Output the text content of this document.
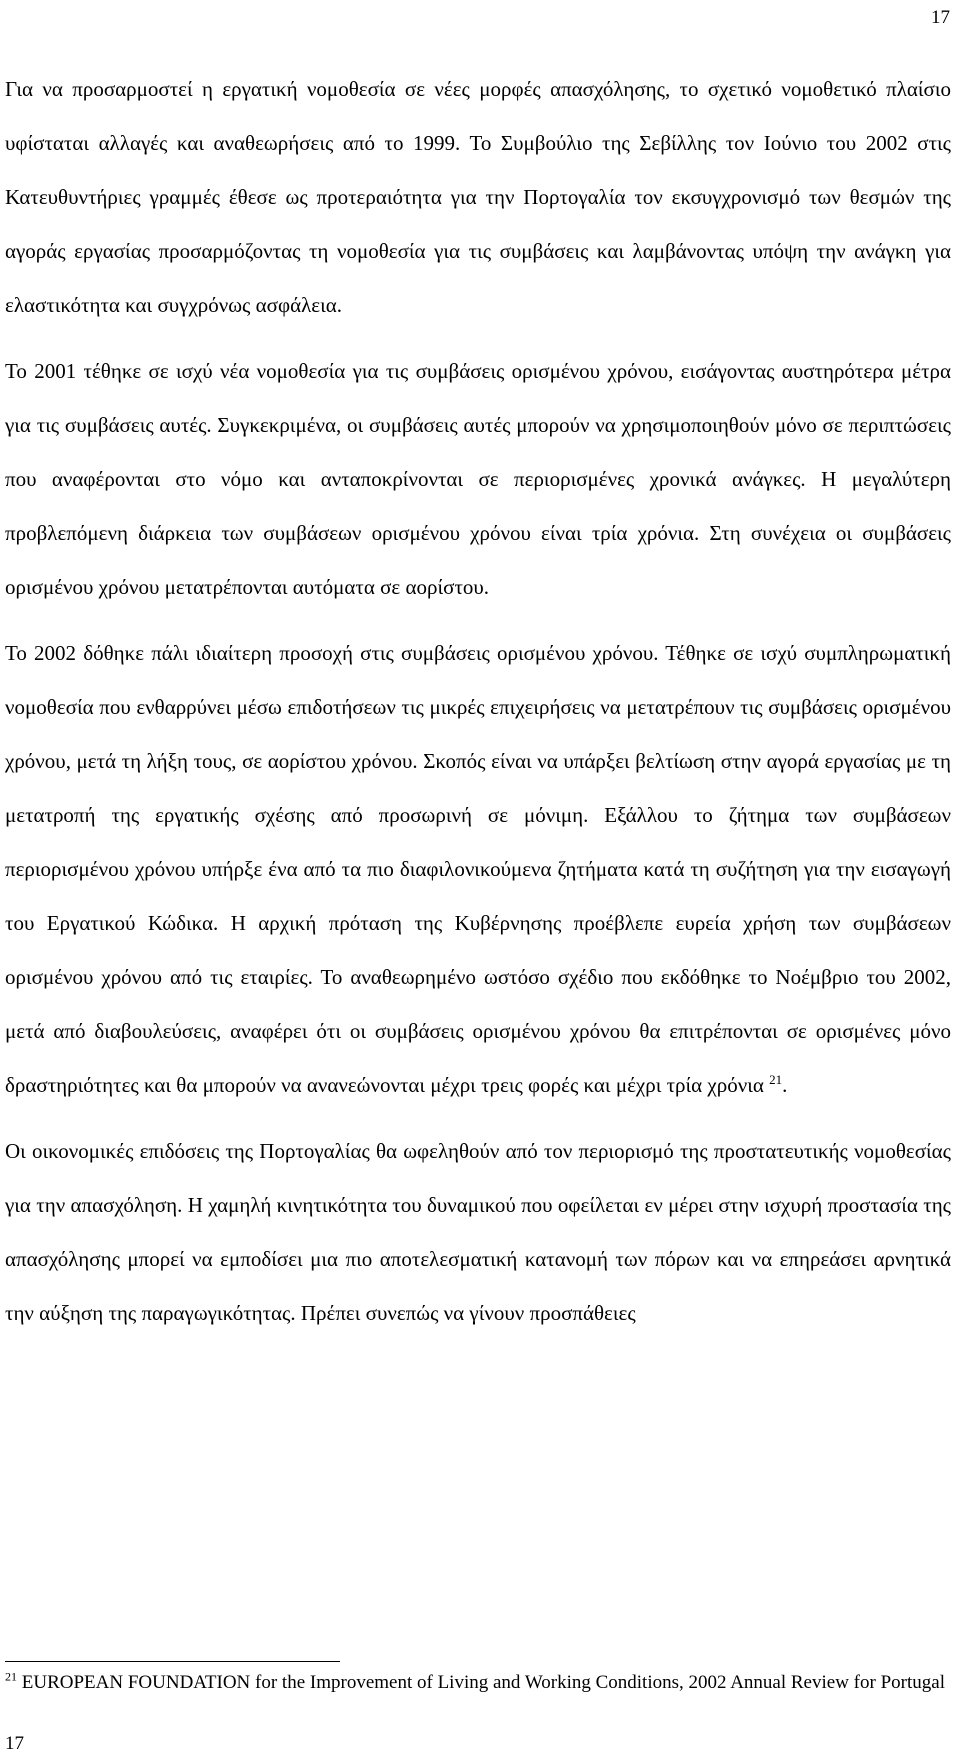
17

Για να προσαρμοστεί η εργατική νομοθεσία σε νέες μορφές απασχόλησης, το σχετικό νομοθετικό πλαίσιο υφίσταται αλλαγές και αναθεωρήσεις από το 1999. Το Συμβούλιο της Σεβίλλης τον Ιούνιο του 2002 στις Κατευθυντήριες γραμμές έθεσε ως προτεραιότητα για την Πορτογαλία τον εκσυγχρονισμό των θεσμών της αγοράς εργασίας προσαρμόζοντας τη νομοθεσία για τις συμβάσεις και λαμβάνοντας υπόψη την ανάγκη για ελαστικότητα και συγχρόνως ασφάλεια.

Το 2001 τέθηκε σε ισχύ νέα νομοθεσία για τις συμβάσεις ορισμένου χρόνου, εισάγοντας αυστηρότερα μέτρα για τις συμβάσεις αυτές. Συγκεκριμένα, οι συμβάσεις αυτές μπορούν να χρησιμοποιηθούν μόνο σε περιπτώσεις που αναφέρονται στο νόμο και ανταποκρίνονται σε περιορισμένες χρονικά ανάγκες. Η μεγαλύτερη προβλεπόμενη διάρκεια των συμβάσεων ορισμένου χρόνου είναι τρία χρόνια. Στη συνέχεια οι συμβάσεις ορισμένου χρόνου μετατρέπονται αυτόματα σε αορίστου.

Το 2002 δόθηκε πάλι ιδιαίτερη προσοχή στις συμβάσεις ορισμένου χρόνου. Τέθηκε σε ισχύ συμπληρωματική νομοθεσία που ενθαρρύνει μέσω επιδοτήσεων τις μικρές επιχειρήσεις να μετατρέπουν τις συμβάσεις ορισμένου χρόνου, μετά τη λήξη τους, σε αορίστου χρόνου. Σκοπός είναι να υπάρξει βελτίωση στην αγορά εργασίας με τη μετατροπή της εργατικής σχέσης από προσωρινή σε μόνιμη. Εξάλλου το ζήτημα των συμβάσεων περιορισμένου χρόνου υπήρξε ένα από τα πιο διαφιλονικούμενα ζητήματα κατά τη συζήτηση για την εισαγωγή του Εργατικού Κώδικα. Η αρχική πρόταση της Κυβέρνησης προέβλεπε ευρεία χρήση των συμβάσεων ορισμένου χρόνου από τις εταιρίες. Το αναθεωρημένο ωστόσο σχέδιο που εκδόθηκε το Νοέμβριο του 2002, μετά από διαβουλεύσεις, αναφέρει ότι οι συμβάσεις ορισμένου χρόνου θα επιτρέπονται σε ορισμένες μόνο δραστηριότητες και θα μπορούν να ανανεώνονται μέχρι τρεις φορές και μέχρι τρία χρόνια $^{21}$.

Οι οικονομικές επιδόσεις της Πορτογαλίας θα ωφεληθούν από τον περιορισμό της προστατευτικής νομοθεσίας για την απασχόληση. Η χαμηλή κινητικότητα του δυναμικού που οφείλεται εν μέρει στην ισχυρή προστασία της απασχόλησης μπορεί να εμποδίσει μια πιο αποτελεσματική κατανομή των πόρων και να επηρεάσει αρνητικά την αύξηση της παραγωγικότητας. Πρέπει συνεπώς να γίνουν προσπάθειες

$^{21}$ EUROPEAN FOUNDATION for the Improvement of Living and Working Conditions, 2002 Annual Review for Portugal
17
